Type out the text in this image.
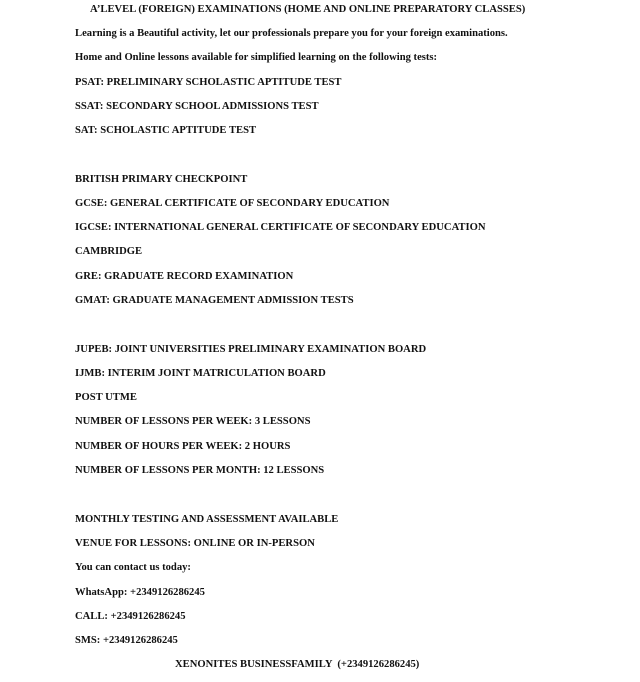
A’LEVEL (FOREIGN) EXAMINATIONS (HOME AND ONLINE PREPARATORY CLASSES)
Learning is a Beautiful activity, let our professionals prepare you for your foreign examinations.
Home and Online lessons available for simplified learning on the following tests:
PSAT: PRELIMINARY SCHOLASTIC APTITUDE TEST
SSAT: SECONDARY SCHOOL ADMISSIONS TEST
SAT: SCHOLASTIC APTITUDE TEST
BRITISH PRIMARY CHECKPOINT
GCSE: GENERAL CERTIFICATE OF SECONDARY EDUCATION
IGCSE: INTERNATIONAL GENERAL CERTIFICATE OF SECONDARY EDUCATION
CAMBRIDGE
GRE: GRADUATE RECORD EXAMINATION
GMAT: GRADUATE MANAGEMENT ADMISSION TESTS
JUPEB: JOINT UNIVERSITIES PRELIMINARY EXAMINATION BOARD
IJMB: INTERIM JOINT MATRICULATION BOARD
POST UTME
NUMBER OF LESSONS PER WEEK: 3 LESSONS
NUMBER OF HOURS PER WEEK: 2 HOURS
NUMBER OF LESSONS PER MONTH: 12 LESSONS
MONTHLY TESTING AND ASSESSMENT AVAILABLE
VENUE FOR LESSONS: ONLINE OR IN-PERSON
You can contact us today:
WhatsApp: +2349126286245
CALL: +2349126286245
SMS: +2349126286245
XENONITES BUSINESSFAMILY  (+2349126286245)
